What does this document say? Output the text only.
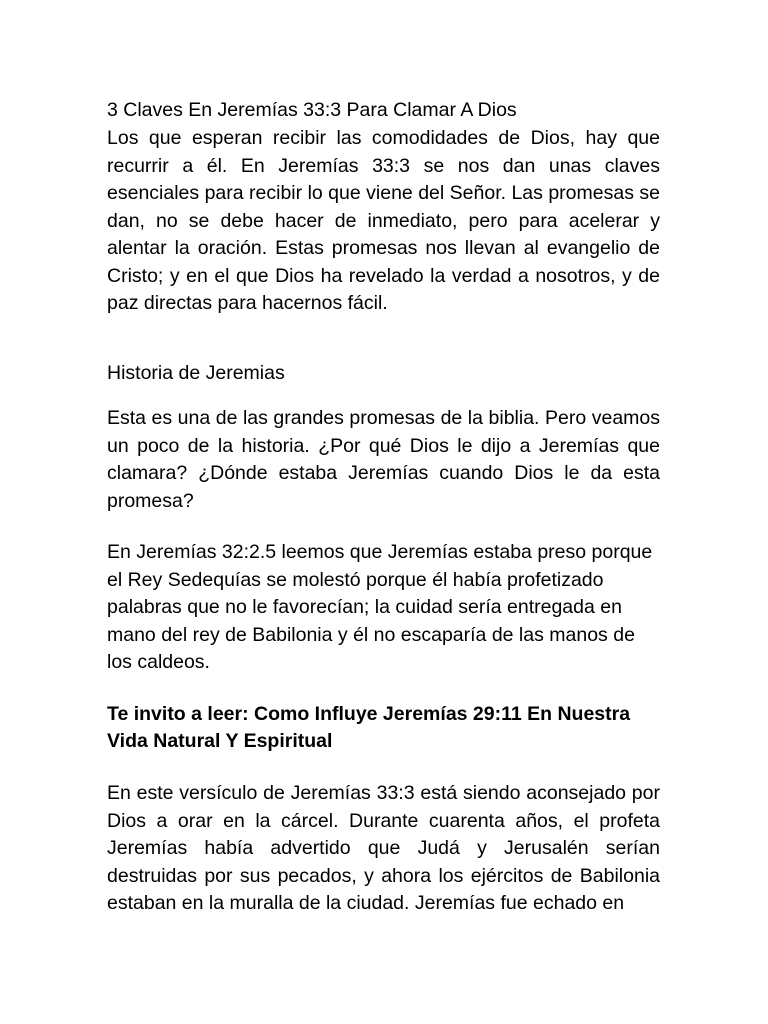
3 Claves En Jeremías 33:3 Para Clamar A Dios

Los que esperan recibir las comodidades de Dios, hay que recurrir a él. En Jeremías 33:3 se nos dan unas claves esenciales para recibir lo que viene del Señor. Las promesas se dan, no se debe hacer de inmediato, pero para acelerar y alentar la oración. Estas promesas nos llevan al evangelio de Cristo; y en el que Dios ha revelado la verdad a nosotros, y de paz directas para hacernos fácil.

Historia de Jeremias

Esta es una de las grandes promesas de la biblia. Pero veamos un poco de la historia. ¿Por qué Dios le dijo a Jeremías que clamara? ¿Dónde estaba Jeremías cuando Dios le da esta promesa?

En Jeremías 32:2.5 leemos que Jeremías estaba preso porque el Rey Sedequías se molestó porque él había profetizado palabras que no le favorecían; la cuidad sería entregada en mano del rey de Babilonia y él no escaparía de las manos de los caldeos.

Te invito a leer: Como Influye Jeremías 29:11 En Nuestra Vida Natural Y Espiritual

En este versículo de Jeremías 33:3 está siendo aconsejado por Dios a orar en la cárcel. Durante cuarenta años, el profeta Jeremías había advertido que Judá y Jerusalén serían destruidas por sus pecados, y ahora los ejércitos de Babilonia estaban en la muralla de la ciudad. Jeremías fue echado en
